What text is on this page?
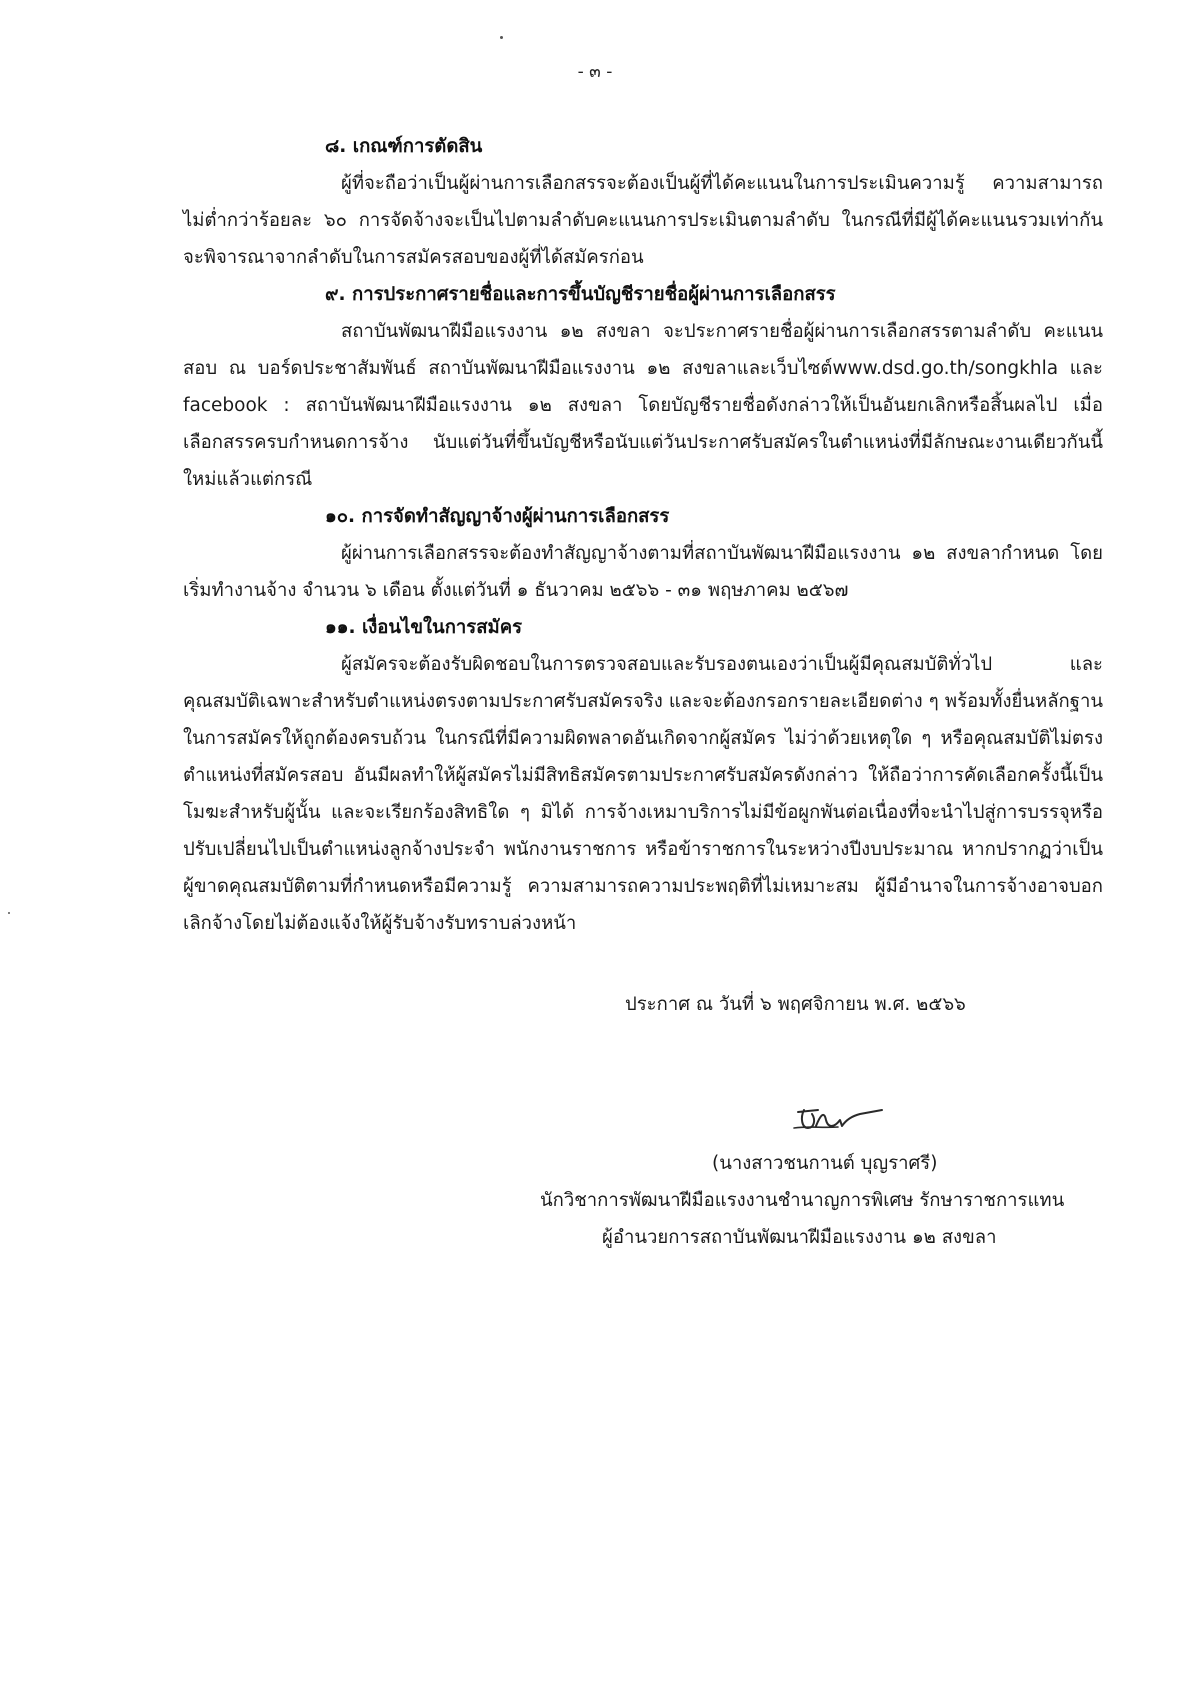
- ๓ -

๘. เกณฑ์การตัดสิน

ผู้ที่จะถือว่าเป็นผู้ผ่านการเลือกสรรจะต้องเป็นผู้ที่ได้คะแนนในการประเมินความรู้ ความสามารถ ไม่ต่ำกว่าร้อยละ ๖๐ การจัดจ้างจะเป็นไปตามลำดับคะแนนการประเมินตามลำดับ ในกรณีที่มีผู้ได้คะแนนรวมเท่ากัน จะพิจารณาจากลำดับในการสมัครสอบของผู้ที่ได้สมัครก่อน

๙. การประกาศรายชื่อและการขึ้นบัญชีรายชื่อผู้ผ่านการเลือกสรร

สถาบันพัฒนาฝีมือแรงงาน ๑๒ สงขลา จะประกาศรายชื่อผู้ผ่านการเลือกสรรตามลำดับ คะแนนสอบ ณ บอร์ดประชาสัมพันธ์ สถาบันพัฒนาฝีมือแรงงาน ๑๒ สงขลาและเว็บไซต์www.dsd.go.th/songkhla และ facebook : สถาบันพัฒนาฝีมือแรงงาน ๑๒ สงขลา โดยบัญชีรายชื่อดังกล่าวให้เป็นอันยกเลิกหรือสิ้นผลไป เมื่อเลือกสรรครบกำหนดการจ้าง นับแต่วันที่ขึ้นบัญชีหรือนับแต่วันประกาศรับสมัครในตำแหน่งที่มีลักษณะงานเดียวกันนี้ใหม่แล้วแต่กรณี

๑๐. การจัดทำสัญญาจ้างผู้ผ่านการเลือกสรร

ผู้ผ่านการเลือกสรรจะต้องทำสัญญาจ้างตามที่สถาบันพัฒนาฝีมือแรงงาน ๑๒ สงขลากำหนด โดยเริ่มทำงานจ้าง จำนวน ๖ เดือน ตั้งแต่วันที่ ๑ ธันวาคม ๒๕๖๖ - ๓๑ พฤษภาคม ๒๕๖๗

๑๑. เงื่อนไขในการสมัคร

ผู้สมัครจะต้องรับผิดชอบในการตรวจสอบและรับรองตนเองว่าเป็นผู้มีคุณสมบัติทั่วไป และคุณสมบัติเฉพาะสำหรับตำแหน่งตรงตามประกาศรับสมัครจริง และจะต้องกรอกรายละเอียดต่าง ๆ พร้อมทั้งยื่นหลักฐานในการสมัครให้ถูกต้องครบถ้วน ในกรณีที่มีความผิดพลาดอันเกิดจากผู้สมัคร ไม่ว่าด้วยเหตุใด ๆ หรือคุณสมบัติไม่ตรงตำแหน่งที่สมัครสอบ อันมีผลทำให้ผู้สมัครไม่มีสิทธิสมัครตามประกาศรับสมัครดังกล่าว ให้ถือว่าการคัดเลือกครั้งนี้เป็นโมฆะสำหรับผู้นั้น และจะเรียกร้องสิทธิใด ๆ มิได้ การจ้างเหมาบริการไม่มีข้อผูกพันต่อเนื่องที่จะนำไปสู่การบรรจุหรือปรับเปลี่ยนไปเป็นตำแหน่งลูกจ้างประจำ พนักงานราชการ หรือข้าราชการในระหว่างปีงบประมาณ หากปรากฏว่าเป็นผู้ขาดคุณสมบัติตามที่กำหนดหรือมีความรู้ ความสามารถความประพฤติที่ไม่เหมาะสม ผู้มีอำนาจในการจ้างอาจบอกเลิกจ้างโดยไม่ต้องแจ้งให้ผู้รับจ้างรับทราบล่วงหน้า

ประกาศ ณ วันที่ ๖ พฤศจิกายน พ.ศ. ๒๕๖๖
(นางสาวชนกานต์ บุญราศรี)
นักวิชาการพัฒนาฝีมือแรงงานชำนาญการพิเศษ รักษาราชการแทน
ผู้อำนวยการสถาบันพัฒนาฝีมือแรงงาน ๑๒ สงขลา
